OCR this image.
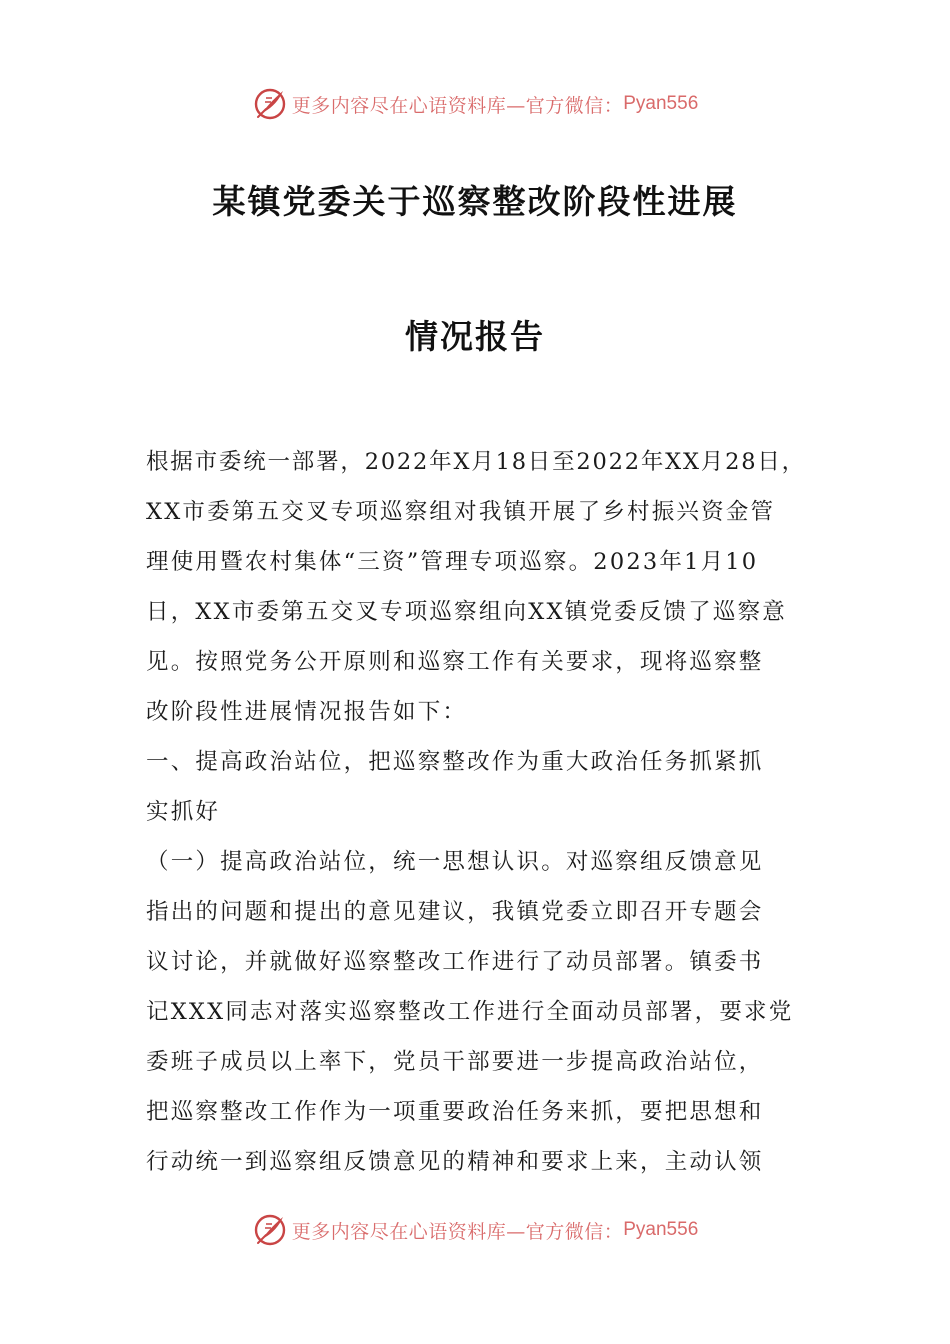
更多内容尽在心语资料库—官方微信： Pyan556
某镇党委关于巡察整改阶段性进展
情况报告
根据市委统一部署，2022年X月18日至2022年XX月28日，
XX市委第五交叉专项巡察组对我镇开展了乡村振兴资金管
理使用暨农村集体“三资”管理专项巡察。2023年1月10
日，XX市委第五交叉专项巡察组向XX镇党委反馈了巡察意
见。按照党务公开原则和巡察工作有关要求，现将巡察整
改阶段性进展情况报告如下：
一、提高政治站位，把巡察整改作为重大政治任务抓紧抓
实抓好
（一）提高政治站位，统一思想认识。对巡察组反馈意见
指出的问题和提出的意见建议，我镇党委立即召开专题会
议讨论，并就做好巡察整改工作进行了动员部署。镇委书
记XXX同志对落实巡察整改工作进行全面动员部署，要求党
委班子成员以上率下，党员干部要进一步提高政治站位，
把巡察整改工作作为一项重要政治任务来抓，要把思想和
行动统一到巡察组反馈意见的精神和要求上来，主动认领
更多内容尽在心语资料库—官方微信： Pyan556
